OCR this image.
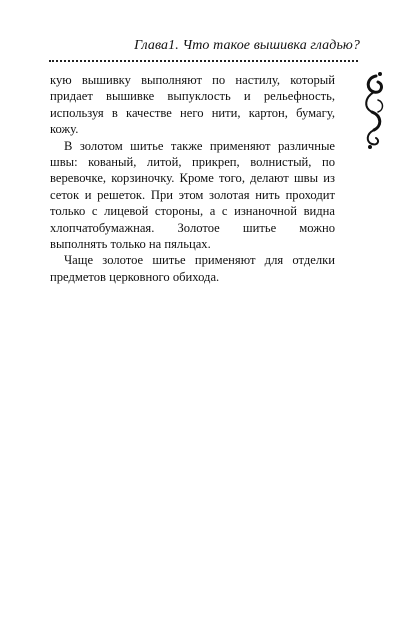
Глава1. Что такое вышивка гладью?

кую вышивку выполняют по настилу, который придает вышивке выпуклость и рельефность, используя в качестве него нити, картон, бумагу, кожу.

В золотом шитье также применяют различные швы: кованый, литой, прикреп, волнистый, по веревочке, корзиночку. Кроме того, делают швы из сеток и решеток. При этом золотая нить проходит только с лицевой стороны, а с изнаночной видна хлопчатобумажная. Золотое шитье можно выполнять только на пяльцах.

Чаще золотое шитье применяют для отделки предметов церковного обихода.
